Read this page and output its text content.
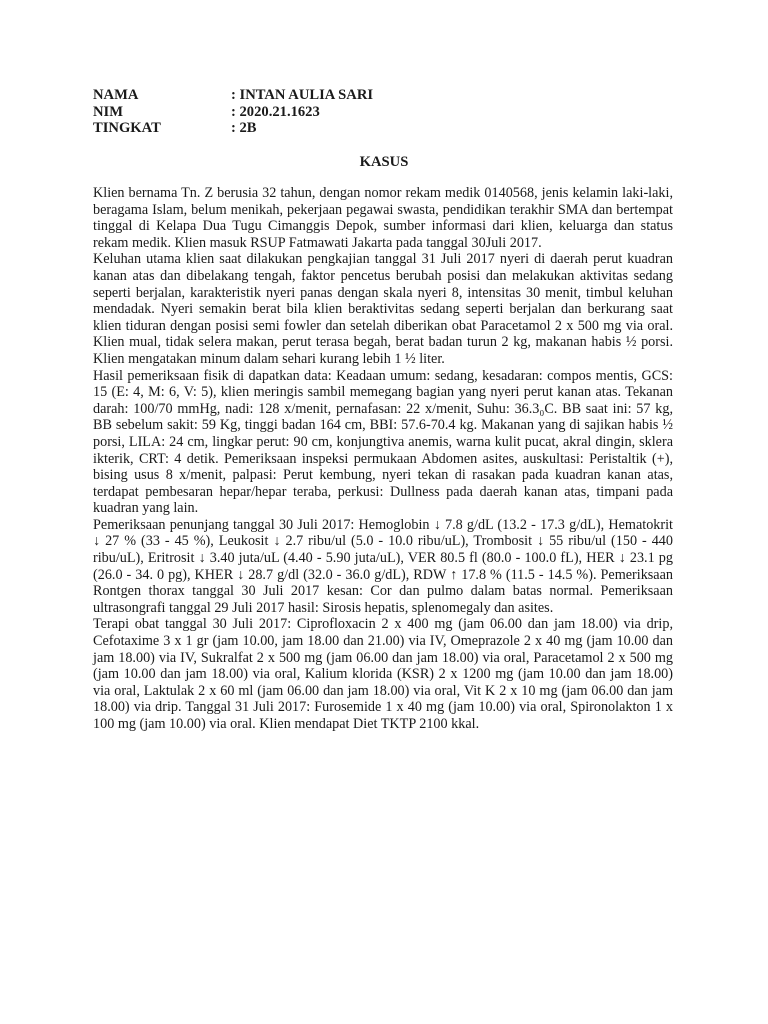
NAMA	: INTAN AULIA SARI
NIM	: 2020.21.1623
TINGKAT	: 2B
KASUS

Klien bernama Tn. Z berusia 32 tahun, dengan nomor rekam medik 0140568, jenis kelamin laki-laki, beragama Islam, belum menikah, pekerjaan pegawai swasta, pendidikan terakhir SMA dan bertempat tinggal di Kelapa Dua Tugu Cimanggis Depok, sumber informasi dari klien, keluarga dan status rekam medik. Klien masuk RSUP Fatmawati Jakarta pada tanggal 30Juli 2017.

Keluhan utama klien saat dilakukan pengkajian tanggal 31 Juli 2017 nyeri di daerah perut kuadran kanan atas dan dibelakang tengah, faktor pencetus berubah posisi dan melakukan aktivitas sedang seperti berjalan, karakteristik nyeri panas dengan skala nyeri 8, intensitas 30 menit, timbul keluhan mendadak. Nyeri semakin berat bila klien beraktivitas sedang seperti berjalan dan berkurang saat klien tiduran dengan posisi semi fowler dan setelah diberikan obat Paracetamol 2 x 500 mg via oral. Klien mual, tidak selera makan, perut terasa begah, berat badan turun 2 kg, makanan habis ½ porsi. Klien mengatakan minum dalam sehari kurang lebih 1 ½ liter.

Hasil pemeriksaan fisik di dapatkan data: Keadaan umum: sedang, kesadaran: compos mentis, GCS: 15 (E: 4, M: 6, V: 5), klien meringis sambil memegang bagian yang nyeri perut kanan atas. Tekanan darah: 100/70 mmHg, nadi: 128 x/menit, pernafasan: 22 x/menit, Suhu: 36.3₀C. BB saat ini: 57 kg, BB sebelum sakit: 59 Kg, tinggi badan 164 cm, BBI: 57.6-70.4 kg. Makanan yang di sajikan habis ½ porsi, LILA: 24 cm, lingkar perut: 90 cm, konjungtiva anemis, warna kulit pucat, akral dingin, sklera ikterik, CRT: 4 detik. Pemeriksaan inspeksi permukaan Abdomen asites, auskultasi: Peristaltik (+), bising usus 8 x/menit, palpasi: Perut kembung, nyeri tekan di rasakan pada kuadran kanan atas, terdapat pembesaran hepar/hepar teraba, perkusi: Dullness pada daerah kanan atas, timpani pada kuadran yang lain.

Pemeriksaan penunjang tanggal 30 Juli 2017: Hemoglobin ↓ 7.8 g/dL (13.2 - 17.3 g/dL), Hematokrit ↓ 27 % (33 - 45 %), Leukosit ↓ 2.7 ribu/ul (5.0 - 10.0 ribu/uL), Trombosit ↓ 55 ribu/ul (150 - 440 ribu/uL), Eritrosit ↓ 3.40 juta/uL (4.40 - 5.90 juta/uL), VER 80.5 fl (80.0 - 100.0 fL), HER ↓ 23.1 pg (26.0 - 34. 0 pg), KHER ↓ 28.7 g/dl (32.0 - 36.0 g/dL), RDW ↑ 17.8 % (11.5 - 14.5 %). Pemeriksaan Rontgen thorax tanggal 30 Juli 2017 kesan: Cor dan pulmo dalam batas normal. Pemeriksaan ultrasongrafi tanggal 29 Juli 2017 hasil: Sirosis hepatis, splenomegaly dan asites.

Terapi obat tanggal 30 Juli 2017: Ciprofloxacin 2 x 400 mg (jam 06.00 dan jam 18.00) via drip, Cefotaxime 3 x 1 gr (jam 10.00, jam 18.00 dan 21.00) via IV, Omeprazole 2 x 40 mg (jam 10.00 dan jam 18.00) via IV, Sukralfat 2 x 500 mg (jam 06.00 dan jam 18.00) via oral, Paracetamol 2 x 500 mg (jam 10.00 dan jam 18.00) via oral, Kalium klorida (KSR) 2 x 1200 mg (jam 10.00 dan jam 18.00) via oral, Laktulak 2 x 60 ml (jam 06.00 dan jam 18.00) via oral, Vit K 2 x 10 mg (jam 06.00 dan jam 18.00) via drip. Tanggal 31 Juli 2017: Furosemide 1 x 40 mg (jam 10.00) via oral, Spironolakton 1 x 100 mg (jam 10.00) via oral. Klien mendapat Diet TKTP 2100 kkal.
